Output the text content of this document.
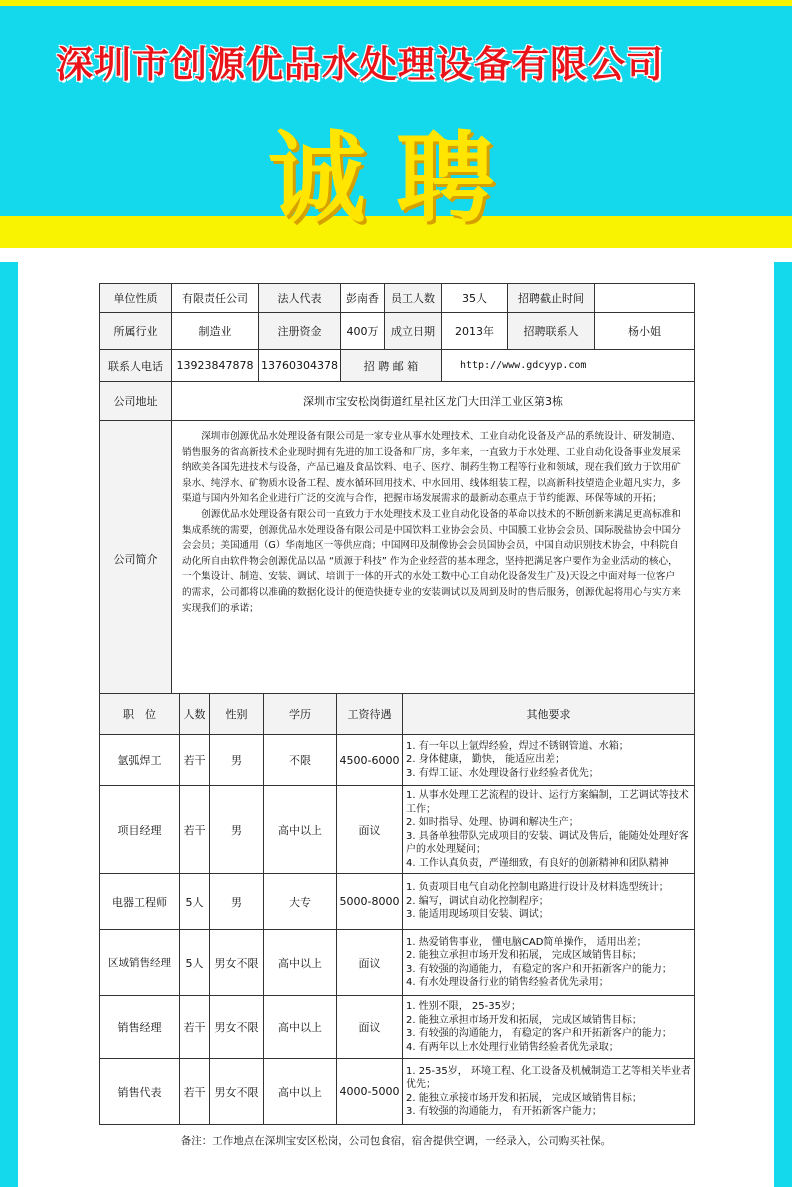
深圳市创源优品水处理设备有限公司
诚聘
单位性质	有限责任公司	法人代表	彭南香	员工人数	35人	招聘截止时间	
所属行业	制造业	注册资金	400万	成立日期	2013年	招聘联系人	杨小姐
联系人电话	13923847878	13760304378	招 聘 邮 箱		http://www.gdcyyp.com		
公司地址	深圳市宝安松岗街道红星社区龙门大田洋工业区第3栋						
公司简介	深圳市创源优品水处理设备有限公司是一家专业从事水处理技术、工业自动化设备及产品的系统设计、研发制造、销售服务的省高新技术企业现时拥有先进的加工设备和厂房，多年来，一直致力于水处理、工业自动化设备事业发展采纳欧美各国先进技术与设备，产品已遍及食品饮料、电子、医疗、制药生物工程等行业和领域，现在我们致力于饮用矿泉水、纯浮水、矿物质水设备工程、废水循环回用技术、中水回用、线体组装工程，以高新科技望造企业超凡实力，多渠道与国内外知名企业进行广泛的交流与合作，把握市场发展需求的最新动态重点于节约能源、环保等域的开拓；

创源优品水处理设备有限公司一直致力于水处理技术及工业自动化设备的革命以技术的不断创新来满足更高标准和集成系统的需要，创源优品水处理设备有限公司是中国饮料工业协会会员、中国膜工业协会会员、国际脱盐协会中国分会会员；美国通用（G）华南地区一等供应商；中国网印及制像协会会员国协会员，中国自动识别技术协会，中科院自动化所自由软件物会创源优品以品 “质源于科技” 作为企业经营的基本理念，坚持把满足客户要作为金业活动的核心，一个集设计、制造、安装、调试、培训于一体的开式的水处工数中心工自动化设备发生广及)天设之中面对每一位客户的需求，公司都将以准确的数据化设计的便造快捷专业的安装调试以及周到及时的售后服务，创源优起将用心与实方来实现我们的承诺；						

职　位	人数	性别	学历	工资待遇	其他要求
氩弧焊工	若干	男	不限	4500-6000	1. 有一年以上氩焊经验，焊过不锈钢管道、水箱；
2. 身体健康， 勤快， 能适应出差；
3. 有焊工证、水处理设备行业经验者优先；

项目经理	若干	男	高中以上	面议	1. 从事水处理工艺流程的设计、运行方案编制，工艺调试等技术工作；
2. 如时指导、处理、协调和解决生产；
3. 具备单独带队完成项目的安装、调试及售后，能随处处理好客户的水处理疑问；
4. 工作认真负责，严谨细致，有良好的创新精神和团队精神

电器工程师	5人	男	大专	5000-8000	1. 负责项目电气自动化控制电路进行设计及材料选型统计；
2. 编写，调试自动化控制程序；
3. 能适用现场项目安装、调试；

区域销售经理	5人	男女不限	高中以上	面议	1. 热爱销售事业， 懂电脑CAD简单操作， 适用出差；
2. 能独立承担市场开发和拓展， 完成区域销售目标；
3. 有较强的沟通能力， 有稳定的客户和开拓新客户的能力；
4. 有水处理设备行业的销售经验者优先录用；

销售经理	若干	男女不限	高中以上	面议	1. 性别不限， 25-35岁；
2. 能独立承担市场开发和拓展， 完成区域销售目标；
3. 有较强的沟通能力， 有稳定的客户和开拓新客户的能力；
4. 有两年以上水处理行业销售经验者优先录取；

销售代表	若干	男女不限	高中以上	4000-5000	1. 25-35岁， 环境工程、化工设备及机械制造工艺等相关毕业者优先；
2. 能独立承接市场开发和拓展， 完成区域销售目标；
3. 有较强的沟通能力， 有开拓新客户能力；
备注：工作地点在深圳宝安区松岗，公司包食宿，宿舍提供空调，一经录入，公司购买社保。
